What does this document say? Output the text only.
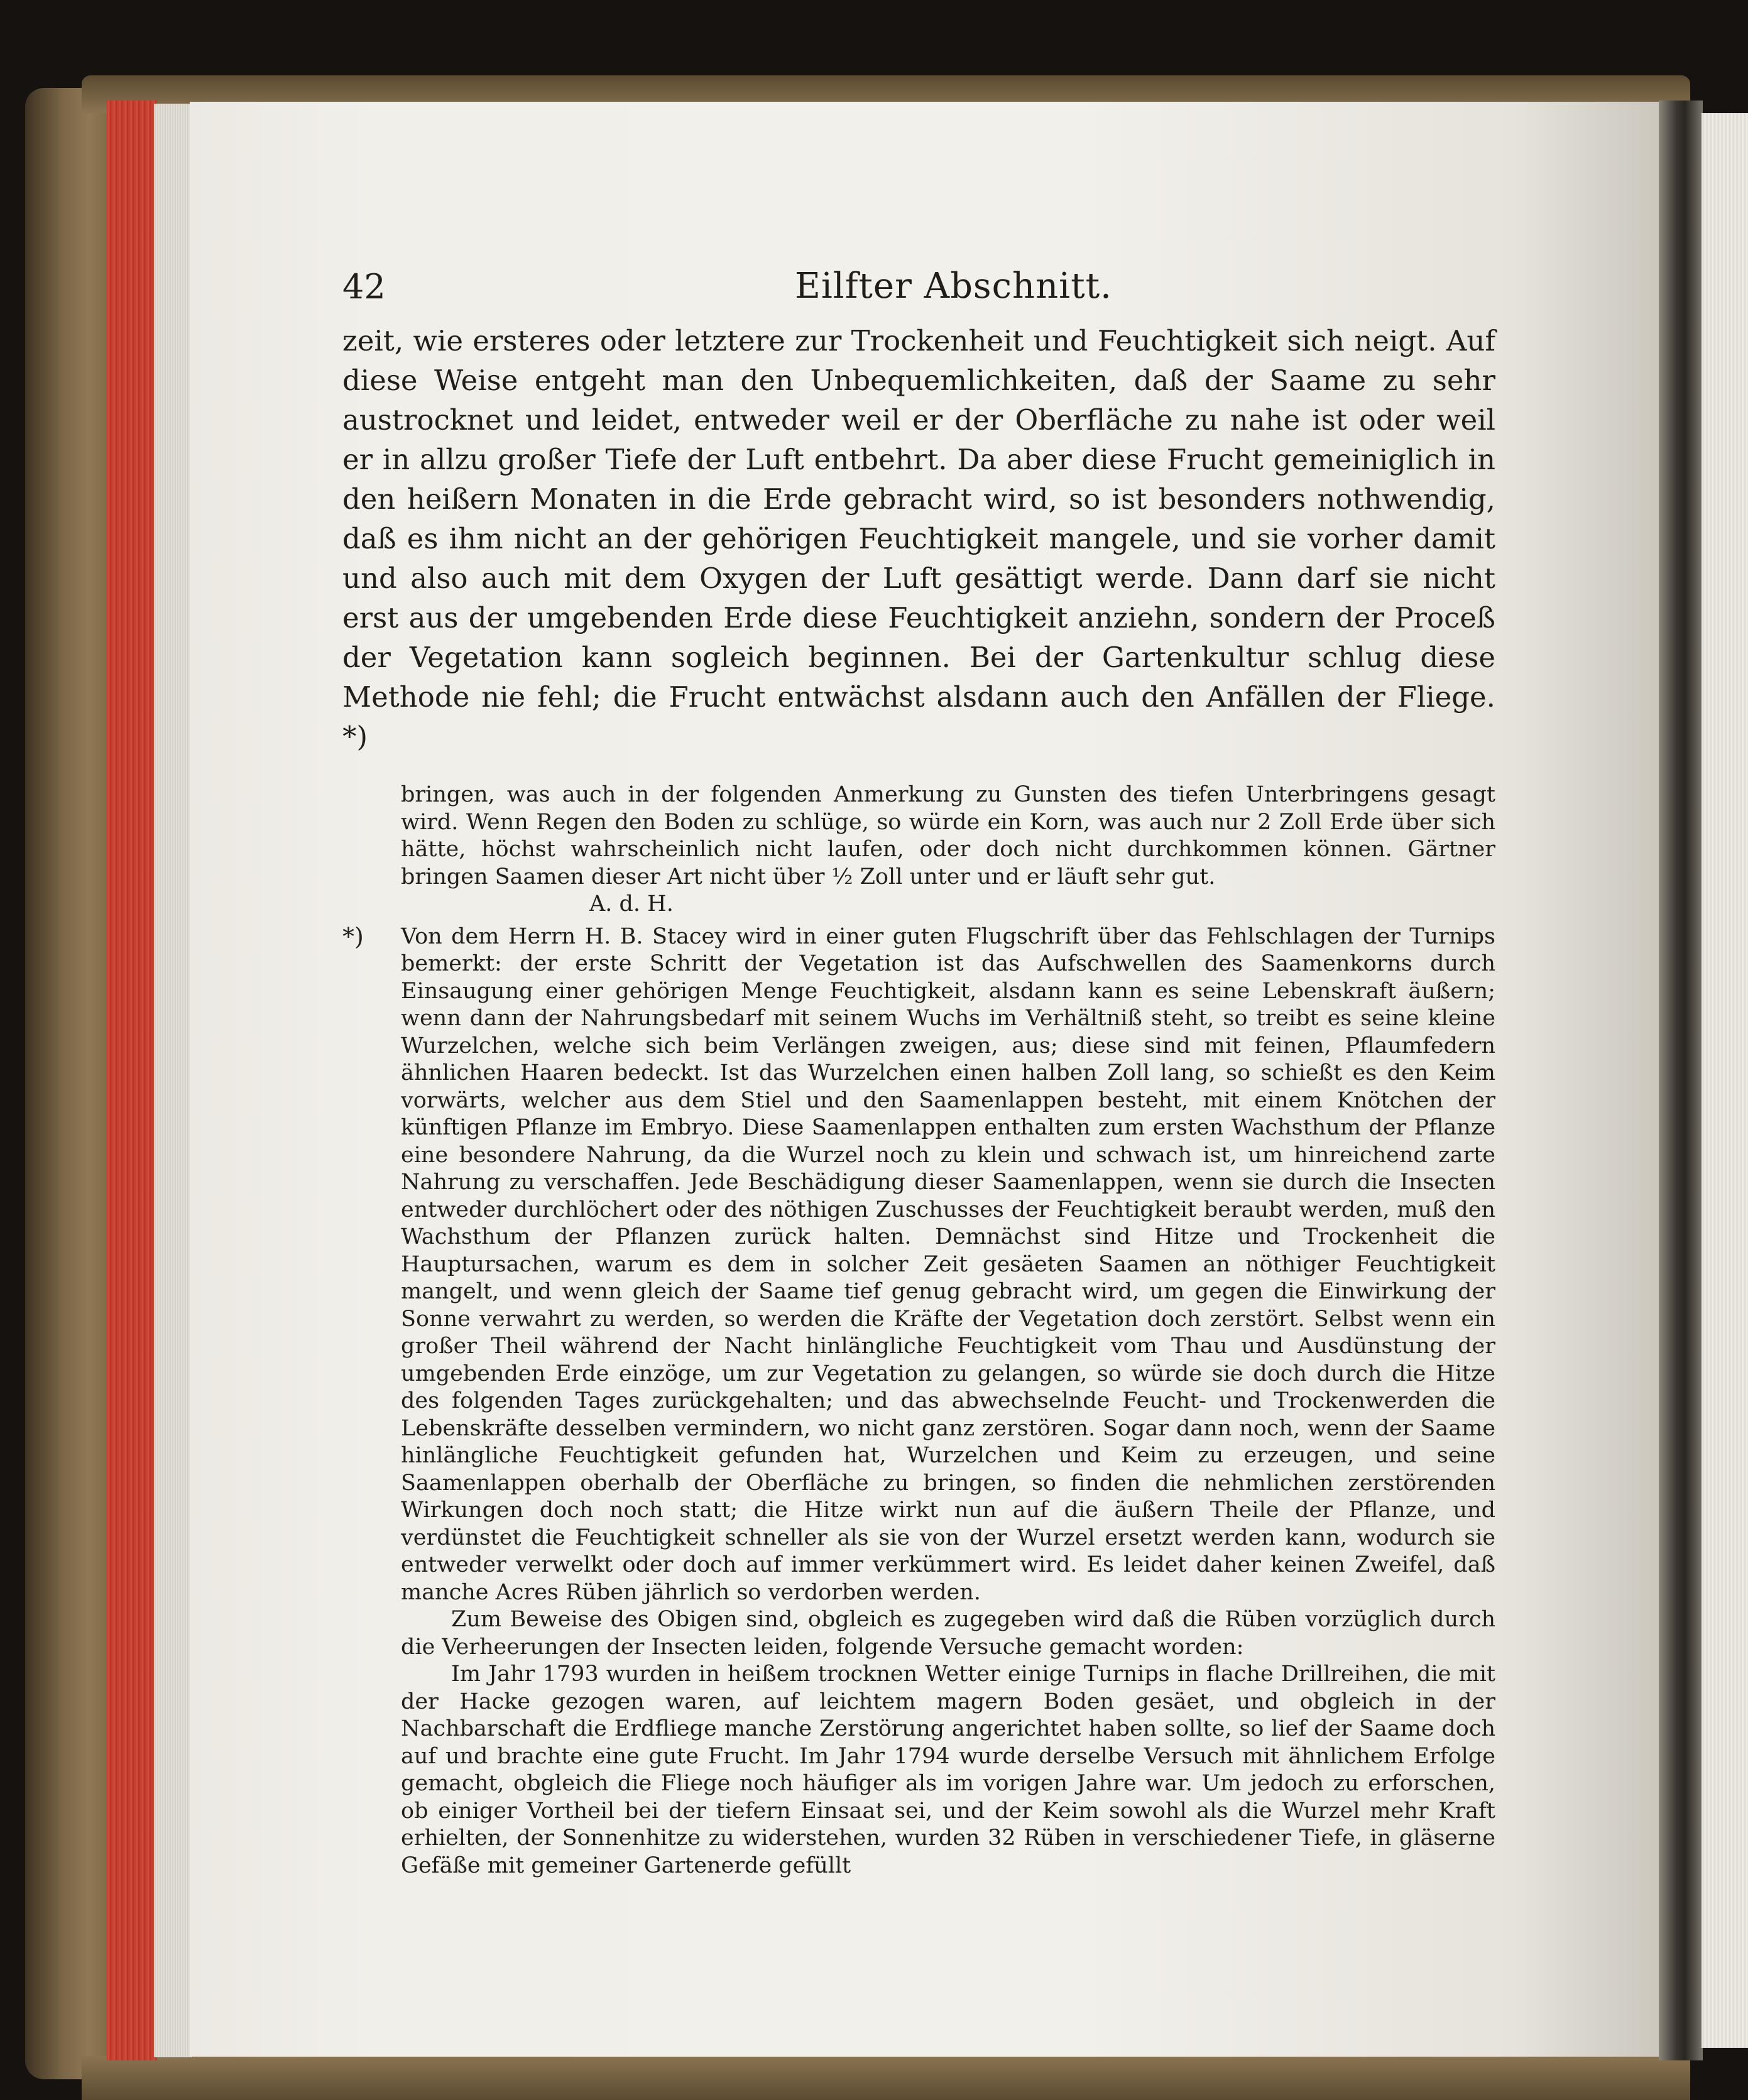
42	Eilfter Abschnitt.

zeit, wie ersteres oder letztere zur Trockenheit und Feuchtigkeit sich neigt. Auf diese Weise entgeht man den Unbequemlichkeiten, daß der Saame zu sehr austrocknet und leidet, entweder weil er der Oberfläche zu nahe ist oder weil er in allzu großer Tiefe der Luft entbehrt. Da aber diese Frucht gemeiniglich in den heißern Monaten in die Erde gebracht wird, so ist besonders nothwendig, daß es ihm nicht an der gehörigen Feuchtigkeit mangele, und sie vorher damit und also auch mit dem Oxygen der Luft gesättigt werde. Dann darf sie nicht erst aus der umgebenden Erde diese Feuchtigkeit anziehn, sondern der Proceß der Vegetation kann sogleich beginnen. Bei der Gartenkultur schlug diese Methode nie fehl; die Frucht entwächst alsdann auch den Anfällen der Fliege. *)

bringen, was auch in der folgenden Anmerkung zu Gunsten des tiefen Unterbringens gesagt wird. Wenn Regen den Boden zu schlüge, so würde ein Korn, was auch nur 2 Zoll Erde über sich hätte, höchst wahrscheinlich nicht laufen, oder doch nicht durchkommen können. Gärtner bringen Saamen dieser Art nicht über ½ Zoll unter und er läuft sehr gut.

A. d. H.

*) Von dem Herrn H. B. Stacey wird in einer guten Flugschrift über das Fehlschlagen der Turnips bemerkt: der erste Schritt der Vegetation ist das Aufschwellen des Saamenkorns durch Einsaugung einer gehörigen Menge Feuchtigkeit, alsdann kann es seine Lebenskraft äußern; wenn dann der Nahrungsbedarf mit seinem Wuchs im Verhältniß steht, so treibt es seine kleine Wurzelchen, welche sich beim Verlängen zweigen, aus; diese sind mit feinen, Pflaumfedern ähnlichen Haaren bedeckt. Ist das Wurzelchen einen halben Zoll lang, so schießt es den Keim vorwärts, welcher aus dem Stiel und den Saamenlappen besteht, mit einem Knötchen der künftigen Pflanze im Embryo. Diese Saamenlappen enthalten zum ersten Wachsthum der Pflanze eine besondere Nahrung, da die Wurzel noch zu klein und schwach ist, um hinreichend zarte Nahrung zu verschaffen. Jede Beschädigung dieser Saamenlappen, wenn sie durch die Insecten entweder durchlöchert oder des nöthigen Zuschusses der Feuchtigkeit beraubt werden, muß den Wachsthum der Pflanzen zurück halten. Demnächst sind Hitze und Trockenheit die Hauptursachen, warum es dem in solcher Zeit gesäeten Saamen an nöthiger Feuchtigkeit mangelt, und wenn gleich der Saame tief genug gebracht wird, um gegen die Einwirkung der Sonne verwahrt zu werden, so werden die Kräfte der Vegetation doch zerstört. Selbst wenn ein großer Theil während der Nacht hinlängliche Feuchtigkeit vom Thau und Ausdünstung der umgebenden Erde einzöge, um zur Vegetation zu gelangen, so würde sie doch durch die Hitze des folgenden Tages zurückgehalten; und das abwechselnde Feucht- und Trockenwerden die Lebenskräfte desselben vermindern, wo nicht ganz zerstören. Sogar dann noch, wenn der Saame hinlängliche Feuchtigkeit gefunden hat, Wurzelchen und Keim zu erzeugen, und seine Saamenlappen oberhalb der Oberfläche zu bringen, so finden die nehmlichen zerstörenden Wirkungen doch noch statt; die Hitze wirkt nun auf die äußern Theile der Pflanze, und verdünstet die Feuchtigkeit schneller als sie von der Wurzel ersetzt werden kann, wodurch sie entweder verwelkt oder doch auf immer verkümmert wird. Es leidet daher keinen Zweifel, daß manche Acres Rüben jährlich so verdorben werden.

Zum Beweise des Obigen sind, obgleich es zugegeben wird daß die Rüben vorzüglich durch die Verheerungen der Insecten leiden, folgende Versuche gemacht worden:

Im Jahr 1793 wurden in heißem trocknen Wetter einige Turnips in flache Drillreihen, die mit der Hacke gezogen waren, auf leichtem magern Boden gesäet, und obgleich in der Nachbarschaft die Erdfliege manche Zerstörung angerichtet haben sollte, so lief der Saame doch auf und brachte eine gute Frucht. Im Jahr 1794 wurde derselbe Versuch mit ähnlichem Erfolge gemacht, obgleich die Fliege noch häufiger als im vorigen Jahre war. Um jedoch zu erforschen, ob einiger Vortheil bei der tiefern Einsaat sei, und der Keim sowohl als die Wurzel mehr Kraft erhielten, der Sonnenhitze zu widerstehen, wurden 32 Rüben in verschiedener Tiefe, in gläserne Gefäße mit gemeiner Gartenerde gefüllt
